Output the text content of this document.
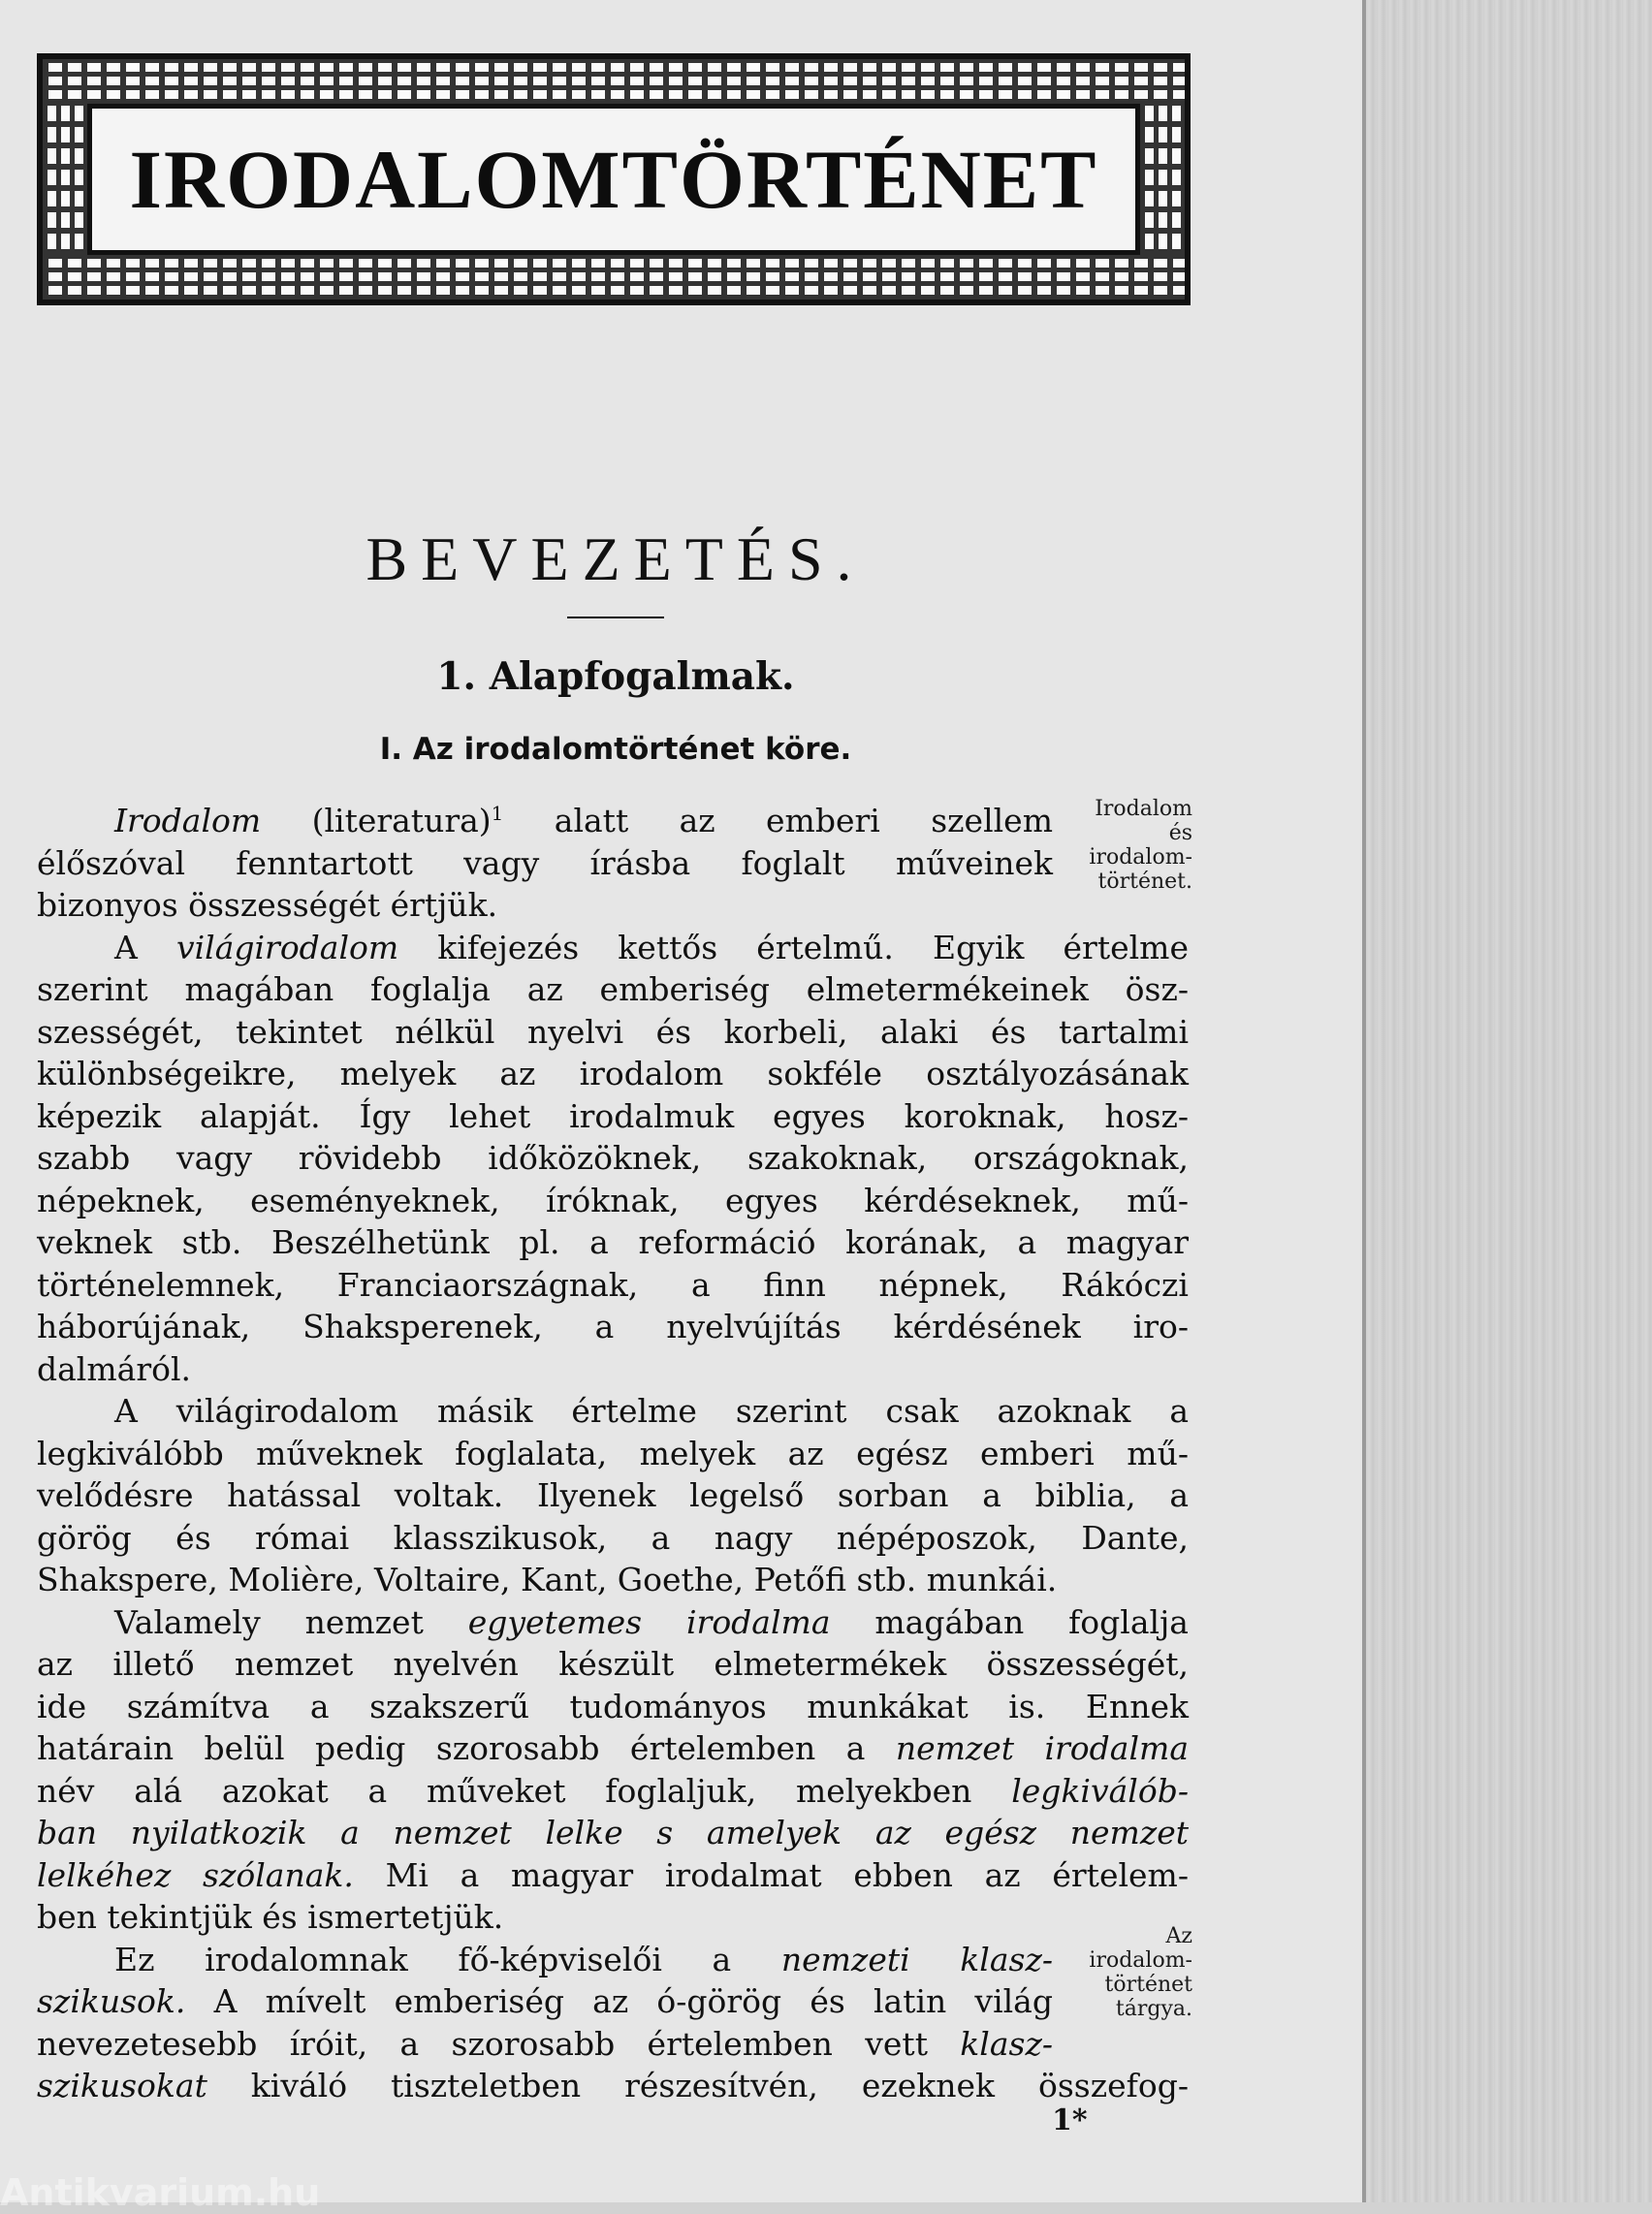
IRODALOMTÖRTÉNET
BEVEZETÉS.
1. Alapfogalmak.
I. Az irodalomtörténet köre.
Irodalom (literatura)$^1$ alatt az emberi szellem
élőszóval fenntartott vagy írásba foglalt műveinek
bizonyos összességét értjük.
A világirodalom kifejezés kettős értelmű. Egyik értelme
szerint magában foglalja az emberiség elmetermékeinek ösz-
szességét, tekintet nélkül nyelvi és korbeli, alaki és tartalmi
különbségeikre, melyek az irodalom sokféle osztályozásának
képezik alapját. Így lehet irodalmuk egyes koroknak, hosz-
szabb vagy rövidebb időközöknek, szakoknak, országoknak,
népeknek, eseményeknek, íróknak, egyes kérdéseknek, mű-
veknek stb. Beszélhetünk pl. a reformáció korának, a magyar
történelemnek, Franciaországnak, a finn népnek, Rákóczi
háborújának, Shaksperenek, a nyelvújítás kérdésének iro-
dalmáról.
A világirodalom másik értelme szerint csak azoknak a
legkiválóbb műveknek foglalata, melyek az egész emberi mű-
velődésre hatással voltak. Ilyenek legelső sorban a biblia, a
görög és római klasszikusok, a nagy népéposzok, Dante,
Shakspere, Molière, Voltaire, Kant, Goethe, Petőfi stb. munkái.
Valamely nemzet egyetemes irodalma magában foglalja
az illető nemzet nyelvén készült elmetermékek összességét,
ide számítva a szakszerű tudományos munkákat is. Ennek
határain belül pedig szorosabb értelemben a nemzet irodalma
név alá azokat a műveket foglaljuk, melyekben legkiválób-
ban nyilatkozik a nemzet lelke s amelyek az egész nemzet
lelkéhez szólanak. Mi a magyar irodalmat ebben az értelem-
ben tekintjük és ismertetjük.
Ez irodalomnak fő-képviselői a nemzeti klasz-
szikusok. A mívelt emberiség az ó-görög és latin világ
nevezetesebb íróit, a szorosabb értelemben vett klasz-
szikusokat kiváló tiszteletben részesítvén, ezeknek összefog-
Irodalom
és
irodalom-
történet.
Az
irodalom-
történet
tárgya.
1*
Antikvarium.hu
